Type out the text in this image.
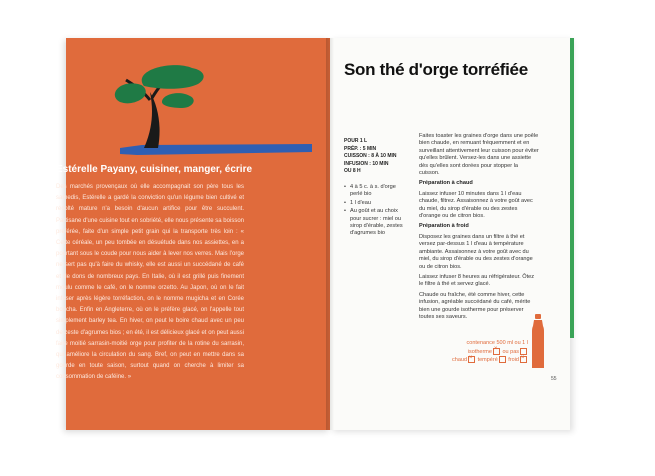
Estérelle Payany, cuisiner, manger, écrire
Des marchés provençaux où elle accompagnait son père tous les samedis, Estérelle a gardé la conviction qu'un légume bien cultivé et récolté mature n'a besoin d'aucun artifice pour être succulent. Partisane d'une cuisine tout en sobriété, elle nous présente sa boisson préférée, faite d'un simple petit grain qui la transporte très loin : « Cette céréale, un peu tombée en désuétude dans nos assiettes, en a pourtant sous le coude pour nous aider à lever nos verres. Mais l'orge ne sert pas qu'à faire du whisky, elle est aussi un succédané de café et de dons de nombreux pays. En Italie, où il est grillé puis finement moulu comme le café, on le nomme orzetto. Au Japon, où on le fait infuser après légère torréfaction, on le nomme mugicha et en Corée boricha. Enfin en Angleterre, où on le préfère glacé, on l'appelle tout simplement barley tea. En hiver, on peut le boire chaud avec un peu de zeste d'agrumes bios ; en été, il est délicieux glacé et on peut aussi faire moitié sarrasin-moitié orge pour profiter de la rotine du sarrasin, qui améliore la circulation du sang. Bref, on peut en mettre dans sa gourde en toute saison, surtout quand on cherche à limiter sa consommation de caféine. »
Son thé d'orge torréfiée
POUR 1 L
PRÉP. : 5 MIN
CUISSON : 8 À 10 MIN
INFUSION : 10 MIN
OU 8 H
• 4 à 5 c. à s. d'orge perlé bio
• 1 l d'eau
• Au goût et au choix pour sucrer : miel ou sirop d'érable, zestes d'agrumes bio

Faites toaster les graines d'orge dans une poêle bien chaude, en remuant fréquemment et en surveillant attentivement leur cuisson pour éviter qu'elles brûlent. Versez-les dans une assiette dès qu'elles sont dorées pour stopper la cuisson.

Préparation à chaud

Laissez infuser 10 minutes dans 1 l d'eau chaude, filtrez. Assaisonnez à votre goût avec du miel, du sirop d'érable ou des zestes d'orange ou de citron bios.

Préparation à froid

Disposez les graines dans un filtre à thé et versez par-dessus 1 l d'eau à température ambiante. Assaisonnez à votre goût avec du miel, du sirop d'érable ou des zestes d'orange ou de citron bios.

Laissez infuser 8 heures au réfrigérateur. Ôtez le filtre à thé et servez glacé.

Chaude ou fraîche, été comme hiver, cette infusion, agréable succédané du café, mérite bien une gourde isotherme pour préserver toutes ses saveurs.

contenance 500 ml ou 1 l
isotherme × ou pas
chaud × tempéré froid×
55
